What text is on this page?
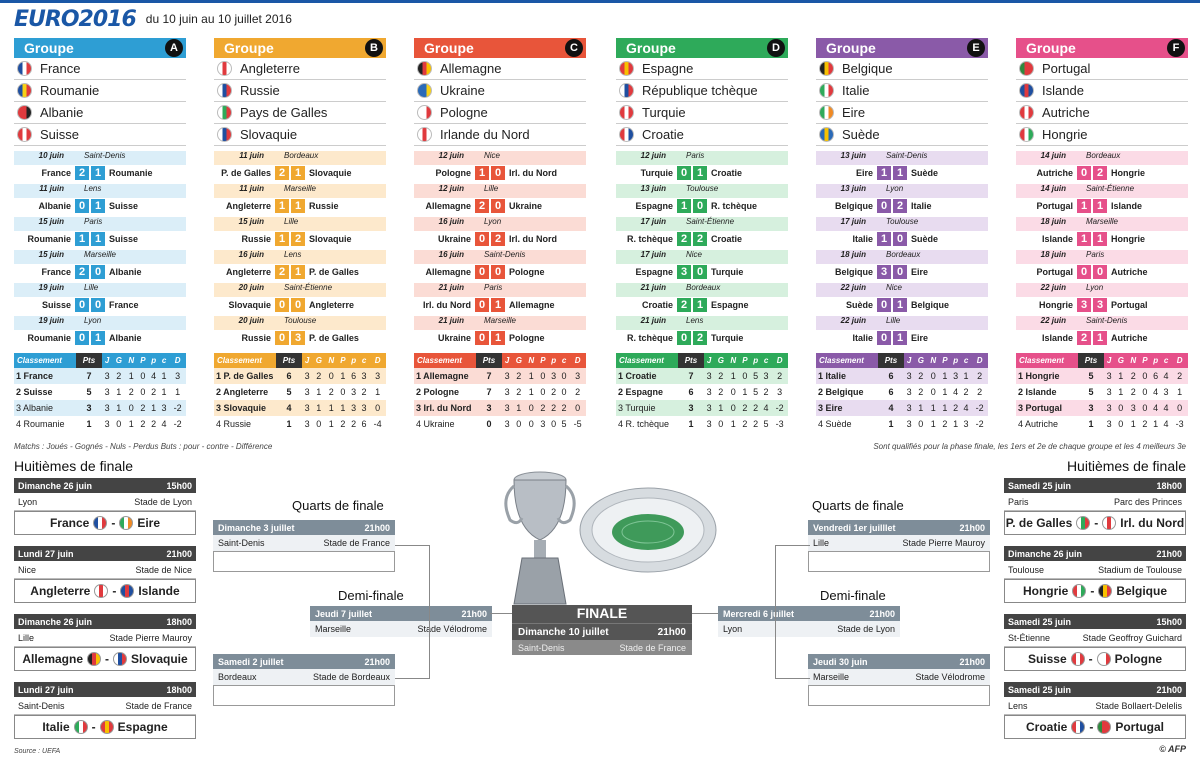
EURO2016 du 10 juin au 10 juillet 2016
Groupe	A
France
Roumanie
Albanie
Suisse
10 juin	Saint-Denis
France 2 1 Roumanie
11 juin	Lens
Albanie 0 1 Suisse
15 juin	Paris
Roumanie 1 1 Suisse
15 juin	Marseille
France 2 0 Albanie
19 juin	Lille
Suisse 0 0 France
19 juin	Lyon
Roumanie 0 1 Albanie
Classement	Pts	J	G	N	P	p	c	D
1 France	7	3	2	1	0	4	1	3
2 Suisse	5	3	1	2	0	2	1	1
3 Albanie	3	3	1	0	2	1	3	-2
4 Roumanie	1	3	0	1	2	2	4	-2
Groupe	B
Angleterre
Russie
Pays de Galles
Slovaquie
11 juin	Bordeaux
P. de Galles 2 1 Slovaquie
11 juin	Marseille
Angleterre 1 1 Russie
15 juin	Lille
Russie 1 2 Slovaquie
16 juin	Lens
Angleterre 2 1 P. de Galles
20 juin	Saint-Étienne
Slovaquie 0 0 Angleterre
20 juin	Toulouse
Russie 0 3 P. de Galles
Classement	Pts	J	G	N	P	p	c	D
1 P. de Galles	6	3	2	0	1	6	3	3
2 Angleterre	5	3	1	2	0	3	2	1
3 Slovaquie	4	3	1	1	1	3	3	0
4 Russie	1	3	0	1	2	2	6	-4
Groupe	C
Allemagne
Ukraine
Pologne
Irlande du Nord
12 juin	Nice
Pologne 1 0 Irl. du Nord
12 juin	Lille
Allemagne 2 0 Ukraine
16 juin	Lyon
Ukraine 0 2 Irl. du Nord
16 juin	Saint-Denis
Allemagne 0 0 Pologne
21 juin	Paris
Irl. du Nord 0 1 Allemagne
21 juin	Marseille
Ukraine 0 1 Pologne
Classement	Pts	J	G	N	P	p	c	D
1 Allemagne	7	3	2	1	0	3	0	3
2 Pologne	7	3	2	1	0	2	0	2
3 Irl. du Nord	3	3	1	0	2	2	2	0
4 Ukraine	0	3	0	0	3	0	5	-5
Groupe	D
Espagne
République tchèque
Turquie
Croatie
12 juin	Paris
Turquie 0 1 Croatie
13 juin	Toulouse
Espagne 1 0 R. tchèque
17 juin	Saint-Étienne
R. tchèque 2 2 Croatie
17 juin	Nice
Espagne 3 0 Turquie
21 juin	Bordeaux
Croatie 2 1 Espagne
21 juin	Lens
R. tchèque 0 2 Turquie
Classement	Pts	J	G	N	P	p	c	D
1 Croatie	7	3	2	1	0	5	3	2
2 Espagne	6	3	2	0	1	5	2	3
3 Turquie	3	3	1	0	2	2	4	-2
4 R. tchèque	1	3	0	1	2	2	5	-3
Groupe	E
Belgique
Italie
Eire
Suède
13 juin	Saint-Denis
Eire 1 1 Suède
13 juin	Lyon
Belgique 0 2 Italie
17 juin	Toulouse
Italie 1 0 Suède
18 juin	Bordeaux
Belgique 3 0 Eire
22 juin	Nice
Suède 0 1 Belgique
22 juin	Lille
Italie 0 1 Eire
Classement	Pts	J	G	N	P	p	c	D
1 Italie	6	3	2	0	1	3	1	2
2 Belgique	6	3	2	0	1	4	2	2
3 Eire	4	3	1	1	1	2	4	-2
4 Suède	1	3	0	1	2	1	3	-2
Groupe	F
Portugal
Islande
Autriche
Hongrie
14 juin	Bordeaux
Autriche 0 2 Hongrie
14 juin	Saint-Étienne
Portugal 1 1 Islande
18 juin	Marseille
Islande 1 1 Hongrie
18 juin	Paris
Portugal 0 0 Autriche
22 juin	Lyon
Hongrie 3 3 Portugal
22 juin	Saint-Denis
Islande 2 1 Autriche
Classement	Pts	J	G	N	P	p	c	D
1 Hongrie	5	3	1	2	0	6	4	2
2 Islande	5	3	1	2	0	4	3	1
3 Portugal	3	3	0	3	0	4	4	0
4 Autriche	1	3	0	1	2	1	4	-3
Matchs : Joués - Gognés - Nuls - Perdus Buts : pour - contre - Différence	Sont qualifiés pour la phase finale, les 1ers et 2e de chaque groupe et les 4 meilleurs 3e
Huitièmes de finale	Huitièmes de finale
Dimanche 26 juin	15h00
Lyon	Stade de Lyon
France - Eire
Lundi 27 juin	21h00
Nice	Stade de Nice
Angleterre - Islande
Dimanche 26 juin	18h00
Lille	Stade Pierre Mauroy
Allemagne - Slovaquie
Lundi 27 juin	18h00
Saint-Denis	Stade de France
Italie - Espagne
Samedi 25 juin	18h00
Paris	Parc des Princes
P. de Galles - Irl. du Nord
Dimanche 26 juin	21h00
Toulouse	Stadium de Toulouse
Hongrie - Belgique
Samedi 25 juin	15h00
St-Étienne	Stade Geoffroy Guichard
Suisse - Pologne
Samedi 25 juin	21h00
Lens	Stade Bollaert-Delelis
Croatie - Portugal
Quarts de finale	Quarts de finale
Demi-finale	Demi-finale
Dimanche 3 juillet	21h00
Saint-Denis	Stade de France
Samedi 2 juillet	21h00
Bordeaux	Stade de Bordeaux
Vendredi 1er juilllet	21h00
Lille	Stade Pierre Mauroy
Jeudi 30 juin	21h00
Marseille	Stade Vélodrome
Jeudi 7 juillet	21h00
Marseille	Stade Vélodrome
Mercredi 6 juillet	21h00
Lyon	Stade de Lyon
FINALE
Dimanche 10 juillet	21h00
Saint-Denis	Stade de France
Source : UEFA	© AFP
